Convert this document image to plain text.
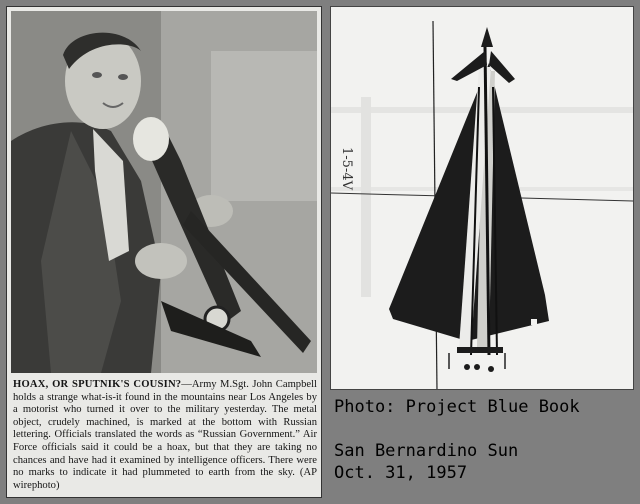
HOAX, OR SPUTNIK'S COUSIN?—Army M.Sgt. John Campbell holds a strange what-is-it found in the mountains near Los Angeles by a motorist who turned it over to the military yesterday. The metal object, crudely machined, is marked at the bottom with Russian lettering. Officials translated the words as “Russian Government.” Air Force officials said it could be a hoax, but that they are taking no chances and have had it examined by intelligence officers. There were no marks to indicate it had plummeted to earth from the sky. (AP wirephoto)
1-5-4V
Photo: Project Blue Book
San Bernardino Sun
Oct. 31, 1957
